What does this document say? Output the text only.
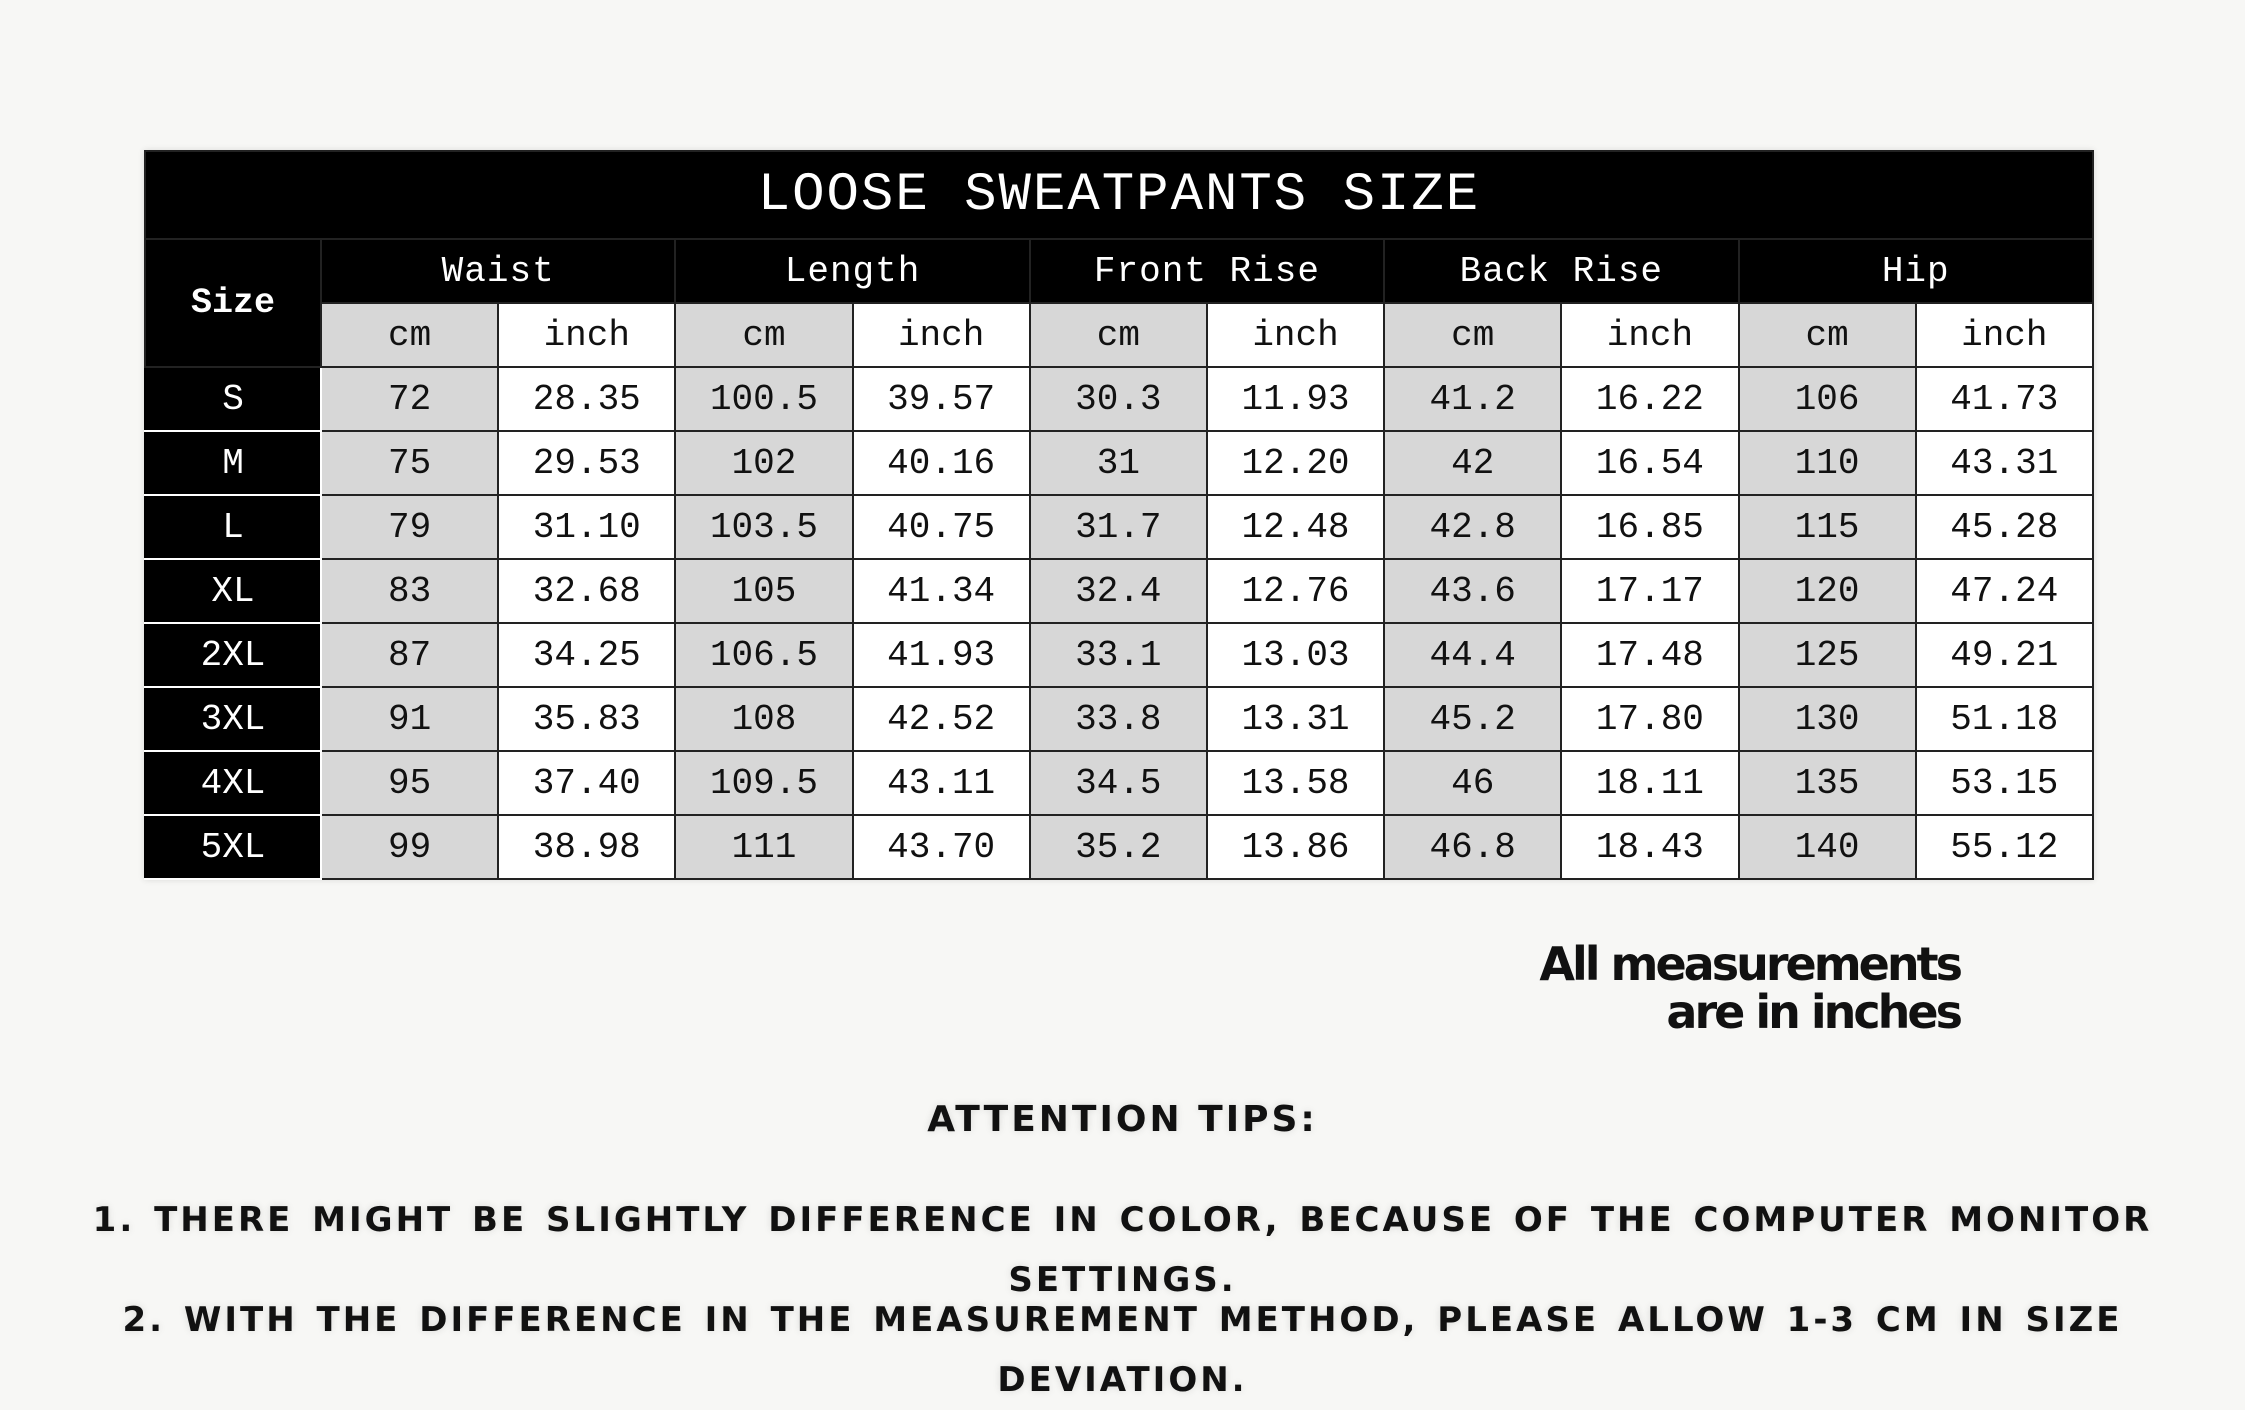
LOOSE SWEATPANTS SIZE										
Size	Waist		Length		Front Rise		Back Rise		Hip	
	cm	inch	cm	inch	cm	inch	cm	inch	cm	inch
S	72	28.35	100.5	39.57	30.3	11.93	41.2	16.22	106	41.73
M	75	29.53	102	40.16	31	12.20	42	16.54	110	43.31
L	79	31.10	103.5	40.75	31.7	12.48	42.8	16.85	115	45.28
XL	83	32.68	105	41.34	32.4	12.76	43.6	17.17	120	47.24
2XL	87	34.25	106.5	41.93	33.1	13.03	44.4	17.48	125	49.21
3XL	91	35.83	108	42.52	33.8	13.31	45.2	17.80	130	51.18
4XL	95	37.40	109.5	43.11	34.5	13.58	46	18.11	135	53.15
5XL	99	38.98	111	43.70	35.2	13.86	46.8	18.43	140	55.12
All measurements
are in inches
ATTENTION TIPS:
1. THERE MIGHT BE SLIGHTLY DIFFERENCE IN COLOR, BECAUSE OF THE COMPUTER MONITOR SETTINGS.
2. WITH THE DIFFERENCE IN THE MEASUREMENT METHOD, PLEASE ALLOW 1-3 CM IN SIZE DEVIATION.
